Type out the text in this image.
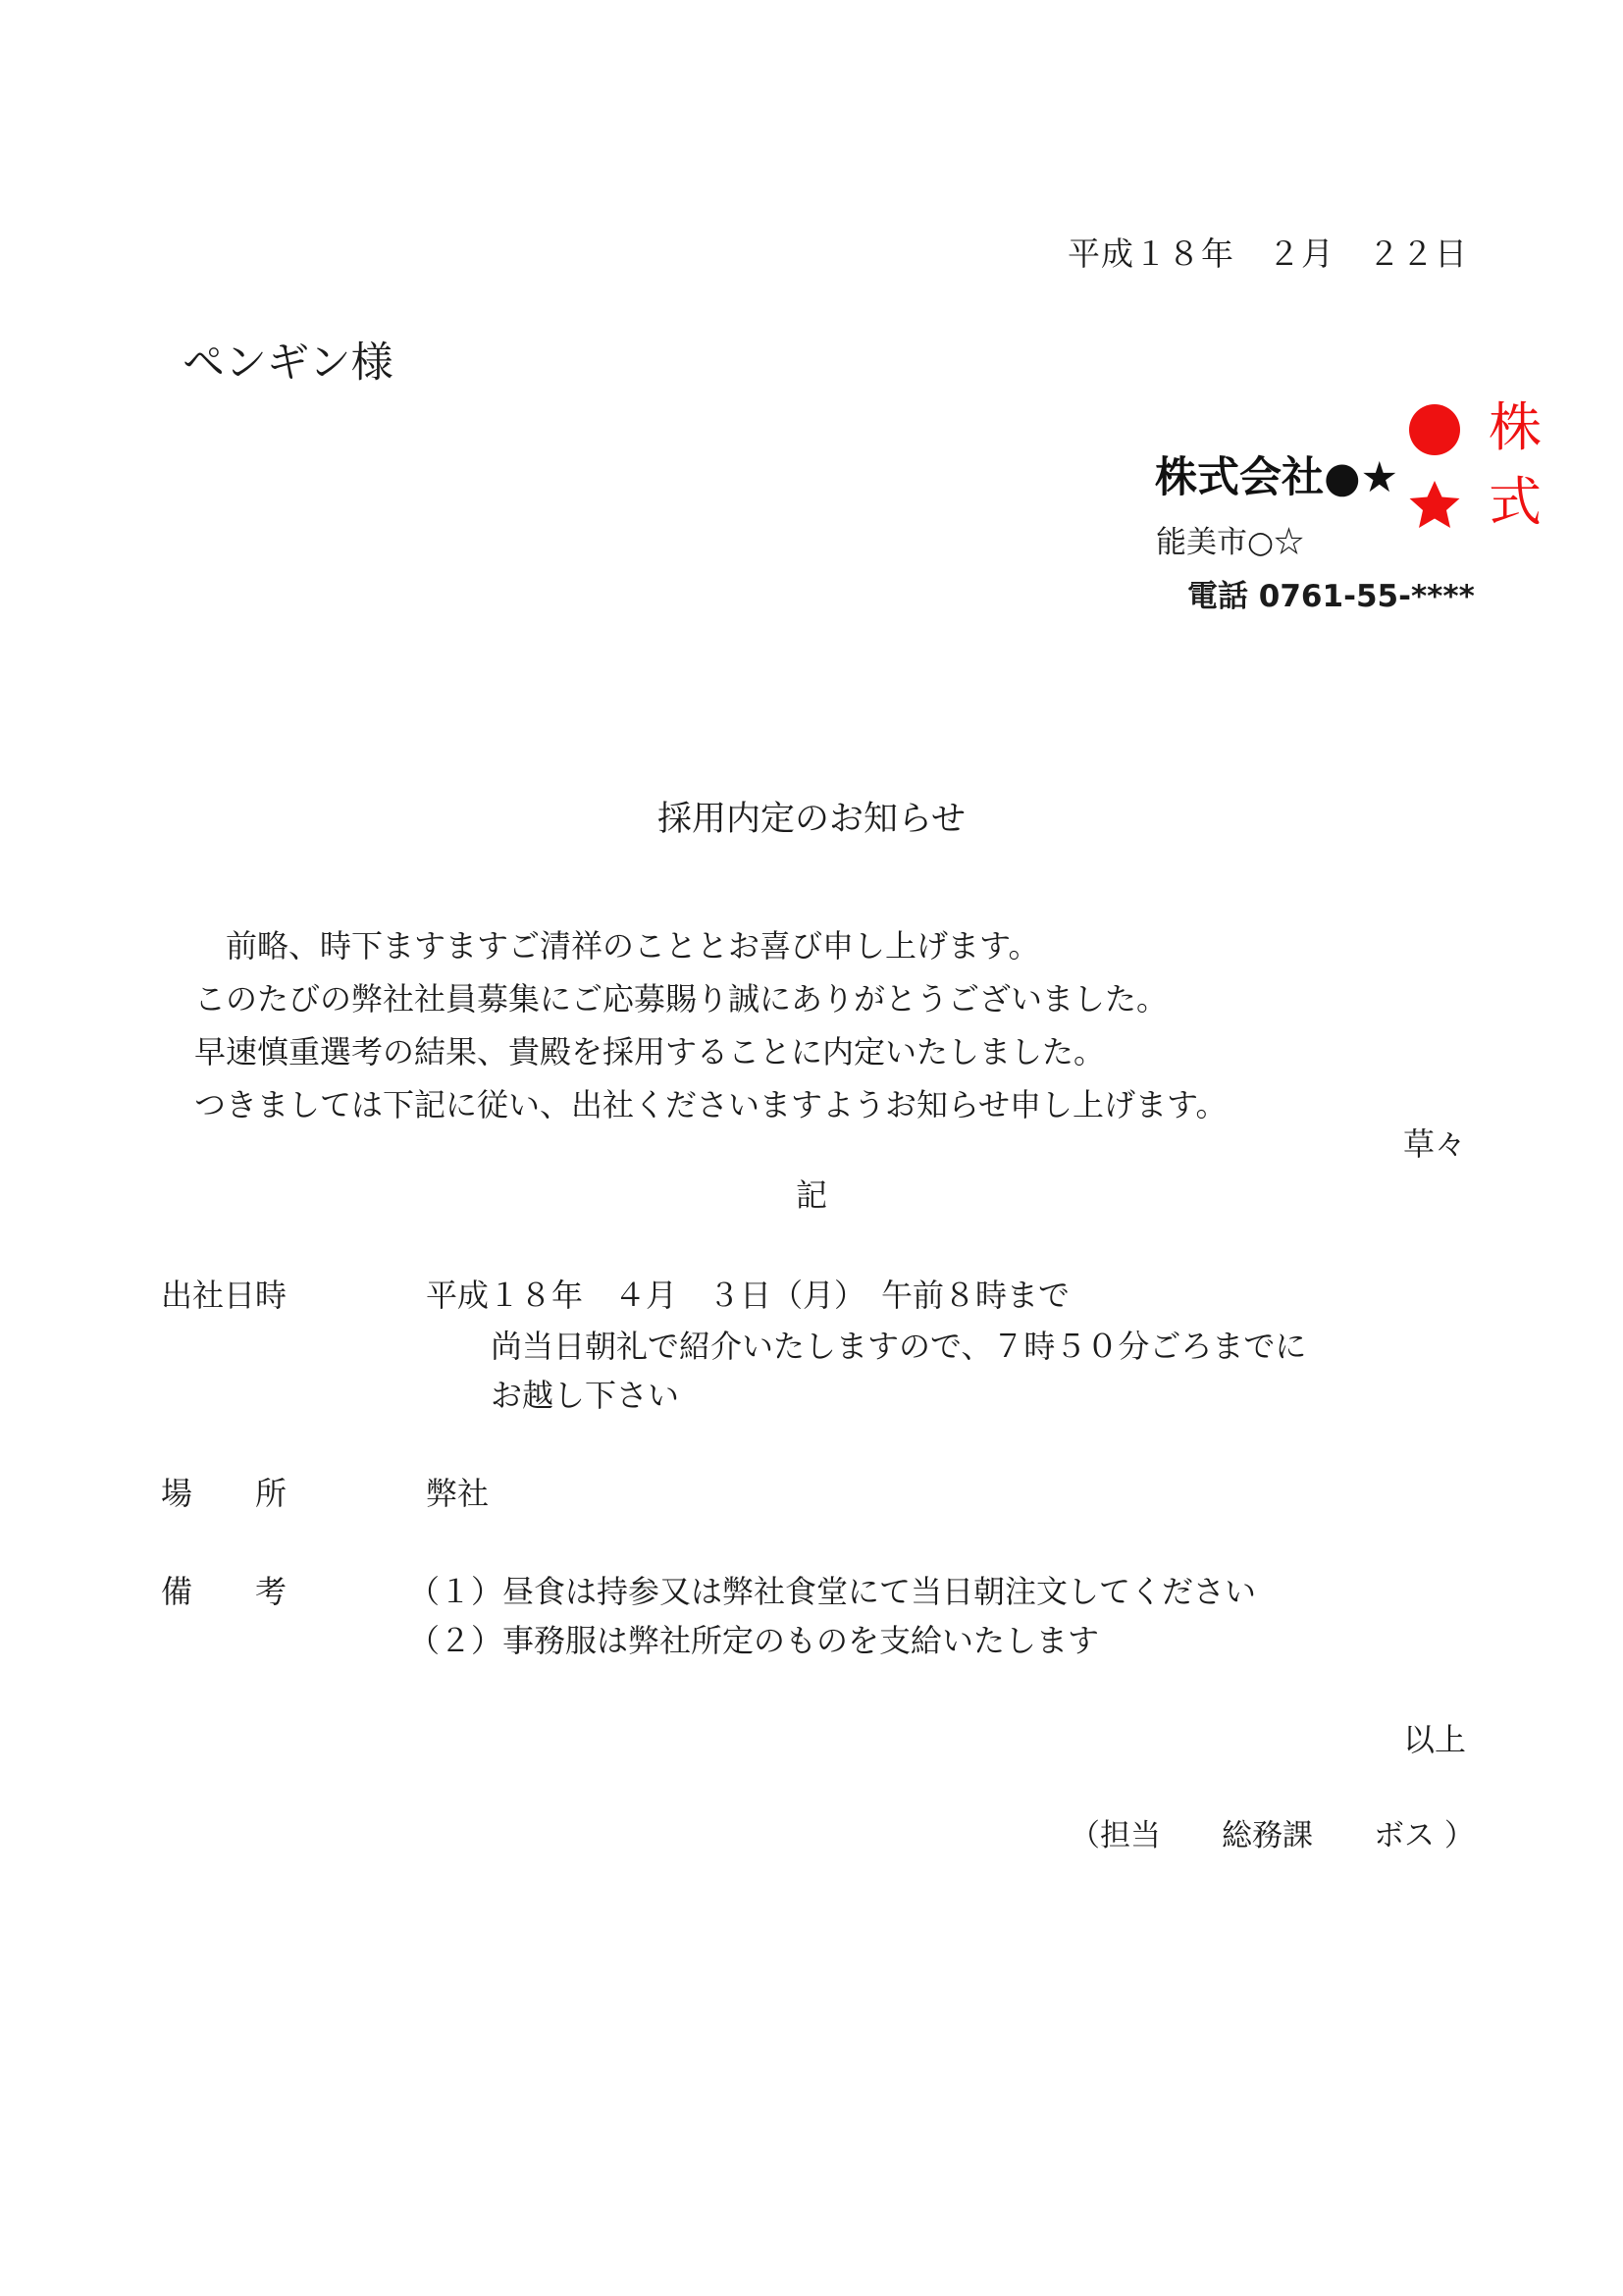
平成１８年　２月　２２日
ペンギン様
株式会社●★
能美市○☆
電話 0761-55-****
株
式
採用内定のお知らせ
　前略、時下ますますご清祥のこととお喜び申し上げます。
このたびの弊社社員募集にご応募賜り誠にありがとうございました。
早速慎重選考の結果、貴殿を採用することに内定いたしました。
つきましては下記に従い、出社くださいますようお知らせ申し上げます。
草々
記
出社日時	平成１８年　４月　３日（月）　午前８時まで
尚当日朝礼で紹介いたしますので、７時５０分ごろまでに
お越し下さい
場　　所	弊社
備　　考	（１）昼食は持参又は弊社食堂にて当日朝注文してください
（２）事務服は弊社所定のものを支給いたします
以上
（担当　　総務課　　ボス ）
